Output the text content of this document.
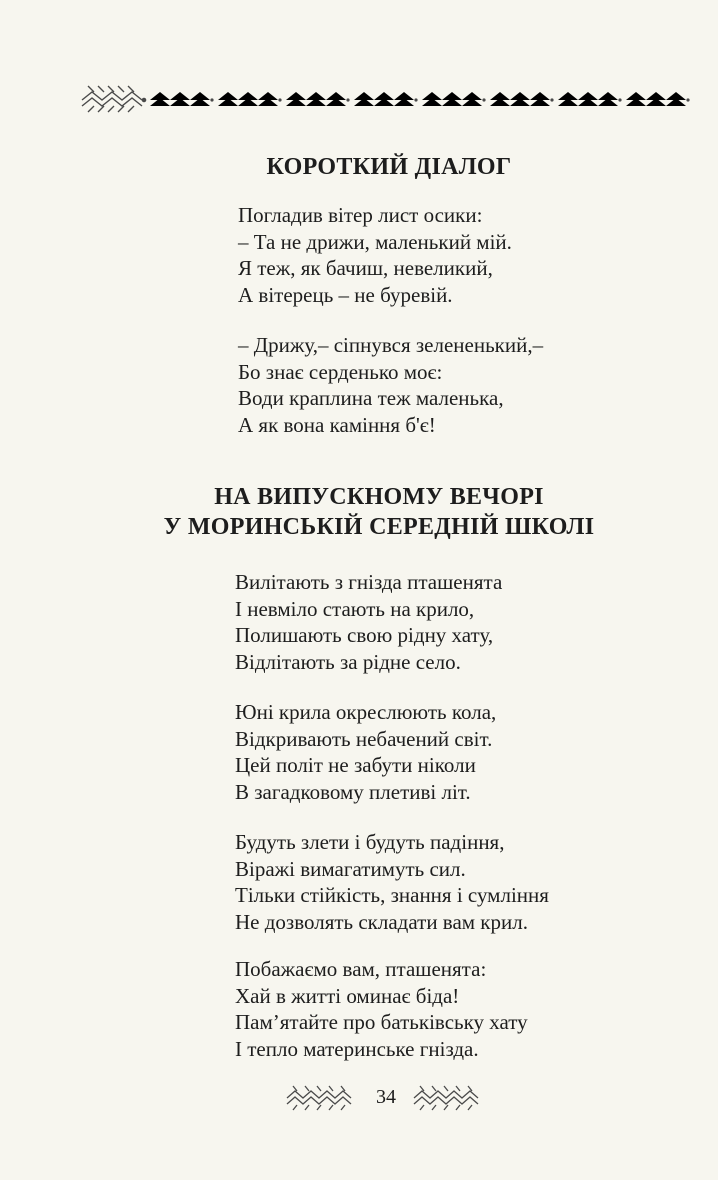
КОРОТКИЙ ДІАЛОГ
Погладив вітер лист осики:
– Та не дрижи, маленький мій.
Я теж, як бачиш, невеликий,
А вітерець – не буревій.
– Дрижу,– сіпнувся зелененький,–
Бо знає серденько моє:
Води краплина теж маленька,
А як вона каміння б'є!
НА ВИПУСКНОМУ ВЕЧОРІ
У МОРИНСЬКІЙ СЕРЕДНІЙ ШКОЛІ
Вилітають з гнізда пташенята
І невміло стають на крило,
Полишають свою рідну хату,
Відлітають за рідне село.
Юні крила окреслюють кола,
Відкривають небачений світ.
Цей політ не забути ніколи
В загадковому плетиві літ.
Будуть злети і будуть падіння,
Віражі вимагатимуть сил.
Тільки стійкість, знання і сумління
Не дозволять складати вам крил.
Побажаємо вам, пташенята:
Хай в житті оминає біда!
Пам’ятайте про батьківську хату
І тепло материнське гнізда.
34
